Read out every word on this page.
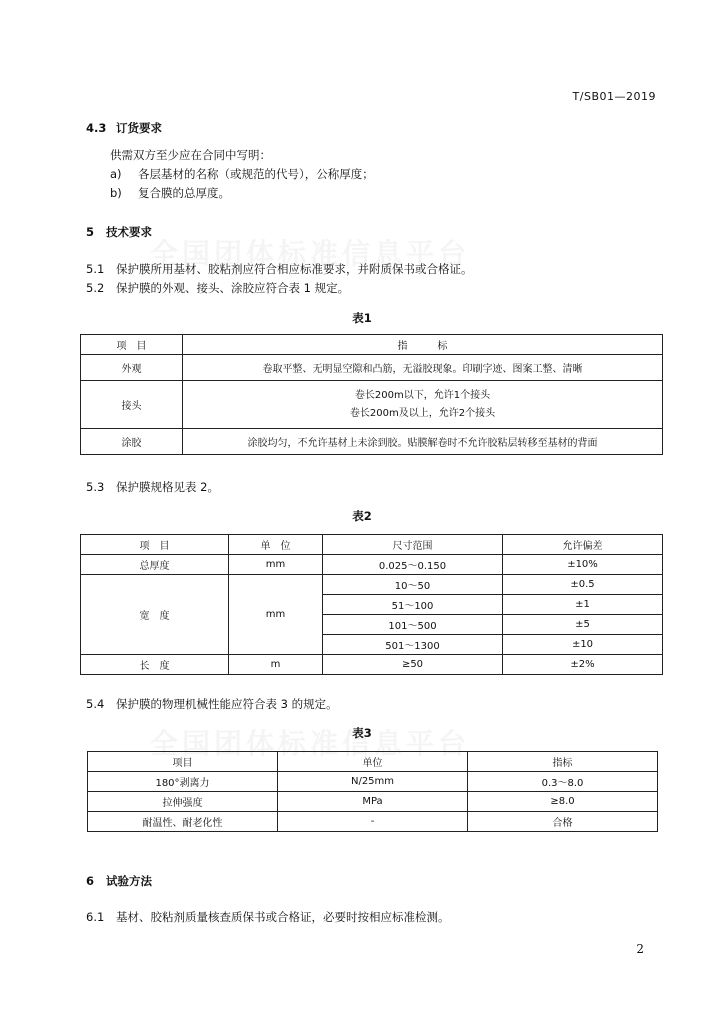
T/SB01—2019
4.3 订货要求
供需双方至少应在合同中写明：
a) 各层基材的名称（或规范的代号），公称厚度；
b) 复合膜的总厚度。
5 技术要求
5.1 保护膜所用基材、胶粘剂应符合相应标准要求，并附质保书或合格证。
5.2 保护膜的外观、接头、涂胶应符合表 1 规定。
表1
项　目	指　　　标
外观	卷取平整、无明显空隙和凸筋，无溢胶现象。印刷字迹、图案工整、清晰
接头	卷长200m以下，允许1个接头
卷长200m及以上，允许2个接头

涂胶	涂胶均匀，不允许基材上未涂到胶。贴膜解卷时不允许胶粘层转移至基材的背面
5.3 保护膜规格见表 2。
表2
项　目	单　位	尺寸范围	允许偏差
总厚度	mm	0.025～0.150	±10%
宽　度	mm	10～50	±0.5
		51～100	±1
		101～500	±5
		501～1300	±10
长　度	m	≥50	±2%
5.4 保护膜的物理机械性能应符合表 3 的规定。
表3
项目	单位	指标
180°剥离力	N/25mm	0.3～8.0
拉伸强度	MPa	≥8.0
耐温性、耐老化性	-	合格
6 试验方法
6.1 基材、胶粘剂质量核查质保书或合格证，必要时按相应标准检测。
2
